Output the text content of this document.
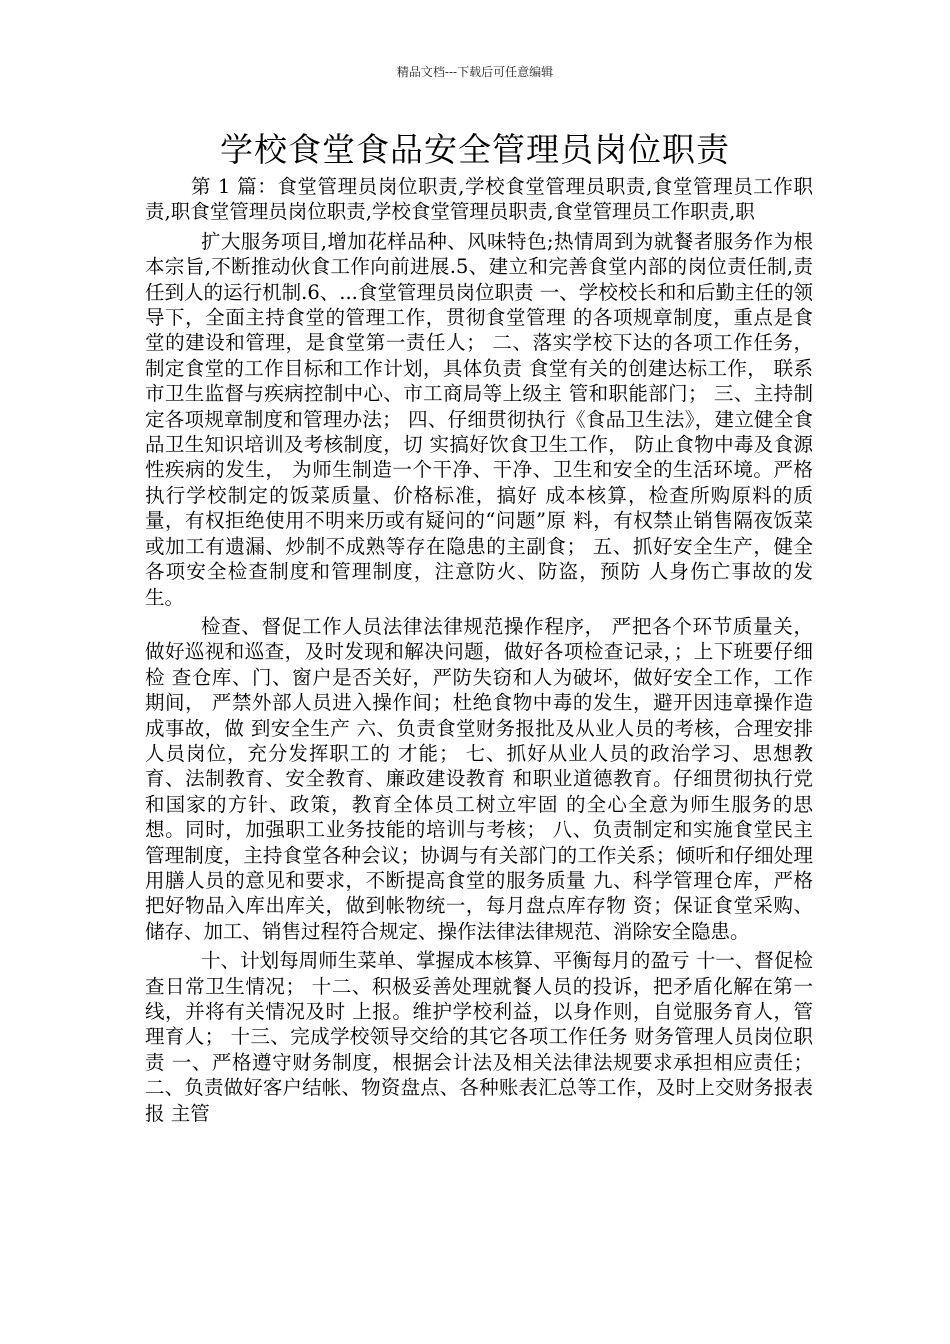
精品文档---下载后可任意编辑
学校食堂食品安全管理员岗位职责

第 1 篇：食堂管理员岗位职责,学校食堂管理员职责,食堂管理员工作职责,职食堂管理员岗位职责,学校食堂管理员职责,食堂管理员工作职责,职

扩大服务项目,增加花样品种、风味特色;热情周到为就餐者服务作为根本宗旨,不断推动伙食工作向前进展.5、建立和完善食堂内部的岗位责任制,责任到人的运行机制.6、...食堂管理员岗位职责 一、学校校长和和后勤主任的领导下，全面主持食堂的管理工作，贯彻食堂管理 的各项规章制度，重点是食堂的建设和管理，是食堂第一责任人； 二、落实学校下达的各项工作任务，制定食堂的工作目标和工作计划，具体负责 食堂有关的创建达标工作， 联系市卫生监督与疾病控制中心、市工商局等上级主 管和职能部门； 三、主持制定各项规章制度和管理办法； 四、仔细贯彻执行《食品卫生法》，建立健全食品卫生知识培训及考核制度，切 实搞好饮食卫生工作， 防止食物中毒及食源性疾病的发生， 为师生制造一个干净、干净、卫生和安全的生活环境。严格执行学校制定的饭菜质量、价格标准，搞好 成本核算，检查所购原料的质量，有权拒绝使用不明来历或有疑问的“问题”原 料，有权禁止销售隔夜饭菜或加工有遗漏、炒制不成熟等存在隐患的主副食； 五、抓好安全生产，健全各项安全检查制度和管理制度，注意防火、防盗，预防 人身伤亡事故的发生。

检查、督促工作人员法律法律规范操作程序， 严把各个环节质量关， 做好巡视和巡查，及时发现和解决问题，做好各项检查记录，；上下班要仔细检 查仓库、门、窗户是否关好，严防失窃和人为破坏，做好安全工作，工作期间， 严禁外部人员进入操作间；杜绝食物中毒的发生，避开因违章操作造成事故，做 到安全生产 六、负责食堂财务报批及从业人员的考核，合理安排人员岗位，充分发挥职工的 才能； 七、抓好从业人员的政治学习、思想教育、法制教育、安全教育、廉政建设教育 和职业道德教育。仔细贯彻执行党和国家的方针、政策，教育全体员工树立牢固 的全心全意为师生服务的思想。同时，加强职工业务技能的培训与考核； 八、负责制定和实施食堂民主管理制度，主持食堂各种会议；协调与有关部门的工作关系；倾听和仔细处理用膳人员的意见和要求，不断提高食堂的服务质量 九、科学管理仓库，严格把好物品入库出库关，做到帐物统一，每月盘点库存物 资；保证食堂采购、储存、加工、销售过程符合规定、操作法律法律规范、消除安全隐患。

十、计划每周师生菜单、掌握成本核算、平衡每月的盈亏 十一、督促检查日常卫生情况； 十二、积极妥善处理就餐人员的投诉，把矛盾化解在第一线，并将有关情况及时 上报。维护学校利益，以身作则，自觉服务育人，管理育人； 十三、完成学校领导交给的其它各项工作任务 财务管理人员岗位职责 一、严格遵守财务制度，根据会计法及相关法律法规要求承担相应责任； 二、负责做好客户结帐、物资盘点、各种账表汇总等工作，及时上交财务报表报 主管
